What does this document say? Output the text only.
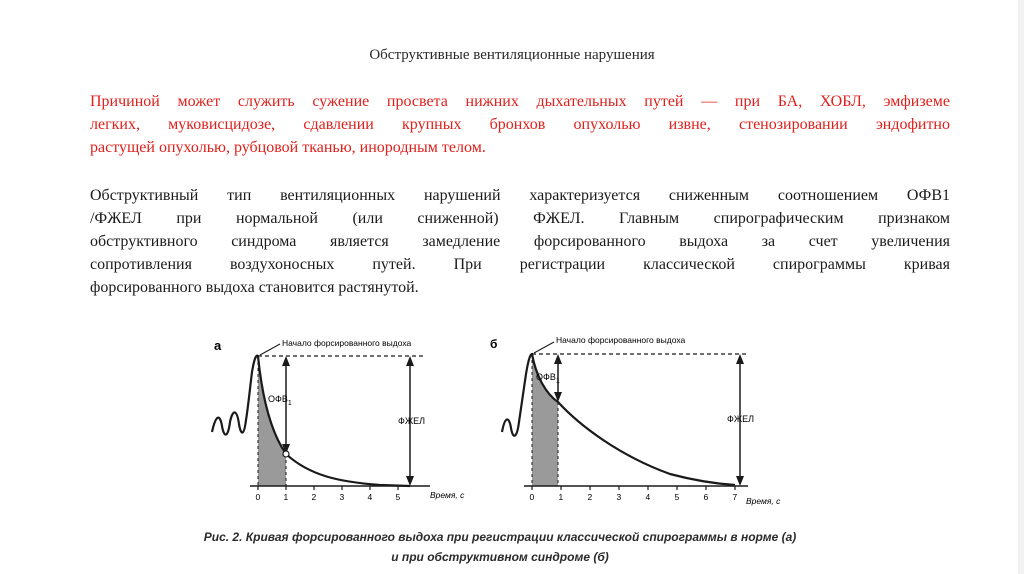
Обструктивные вентиляционные нарушения

Причиной может служить сужение просвета нижних дыхательных путей — при БА, ХОБЛ, эмфиземе
легких, муковисцидозе, сдавлении крупных бронхов опухолью извне, стенозировании эндофитно
растущей опухолью, рубцовой тканью, инородным телом.

Обструктивный тип вентиляционных нарушений характеризуется сниженным соотношением ОФВ1
/ФЖЕЛ при нормальной (или сниженной) ФЖЕЛ. Главным спирографическим признаком
обструктивного синдрома является замедление форсированного выдоха за счет увеличения
сопротивления воздухоносных путей. При регистрации классической спирограммы кривая
форсированного выдоха становится растянутой.

а
$ОФВ_1$
ФЖЕЛ
Начало форсированного выдоха
0	1	2	3	4	5	Время, с
б
$ОФВ_1$
ФЖЕЛ
Начало форсированного выдоха
0	1	2	3	4	5	6	7 Время, с
Рис. 2. Кривая форсированного выдоха при регистрации классической спирограммы в норме (а)
и при обструктивном синдроме (б)
